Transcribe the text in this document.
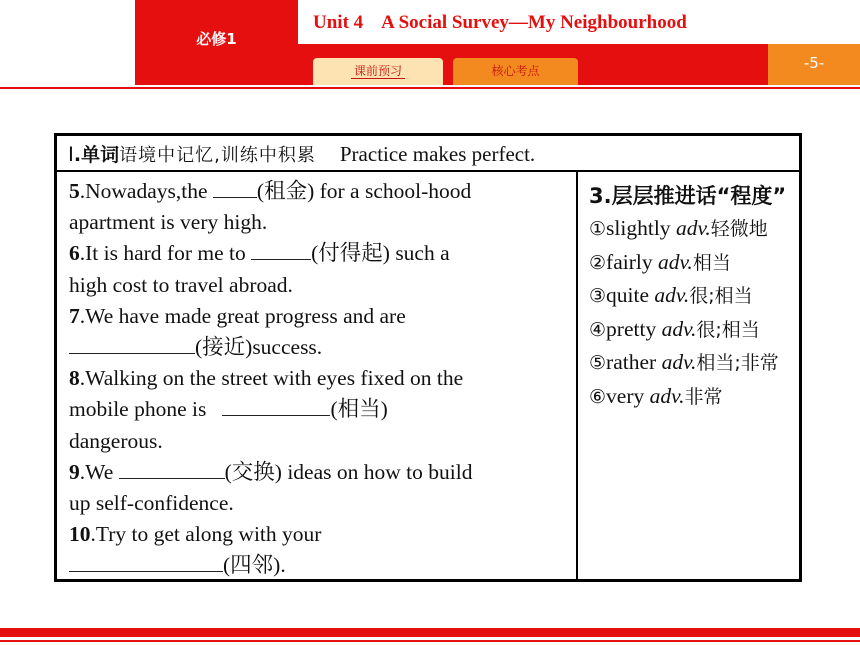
必修1
Unit 4 A Social Survey—My Neighbourhood
-5-
课前预习	核心考点
Ⅰ.单词语境中记忆,训练中积累 Practice makes perfect.

5.Nowadays,the (租金) for a school-hood

apartment is very high.

6.It is hard for me to	(付得起) such a

high cost to travel abroad.

7.We have made great progress and are

(接近)success.

8.Walking on the street with eyes fixed on the

mobile phone is	(相当)

dangerous.

9.We	(交换) ideas on how to build

up self-confidence.

10.Try to get along with your

(四邻).

3.层层推进话“程度”
①slightly adv.轻微地
②fairly adv.相当
③quite adv.很;相当
④pretty adv.很;相当
⑤rather adv.相当;非常
⑥very adv.非常
